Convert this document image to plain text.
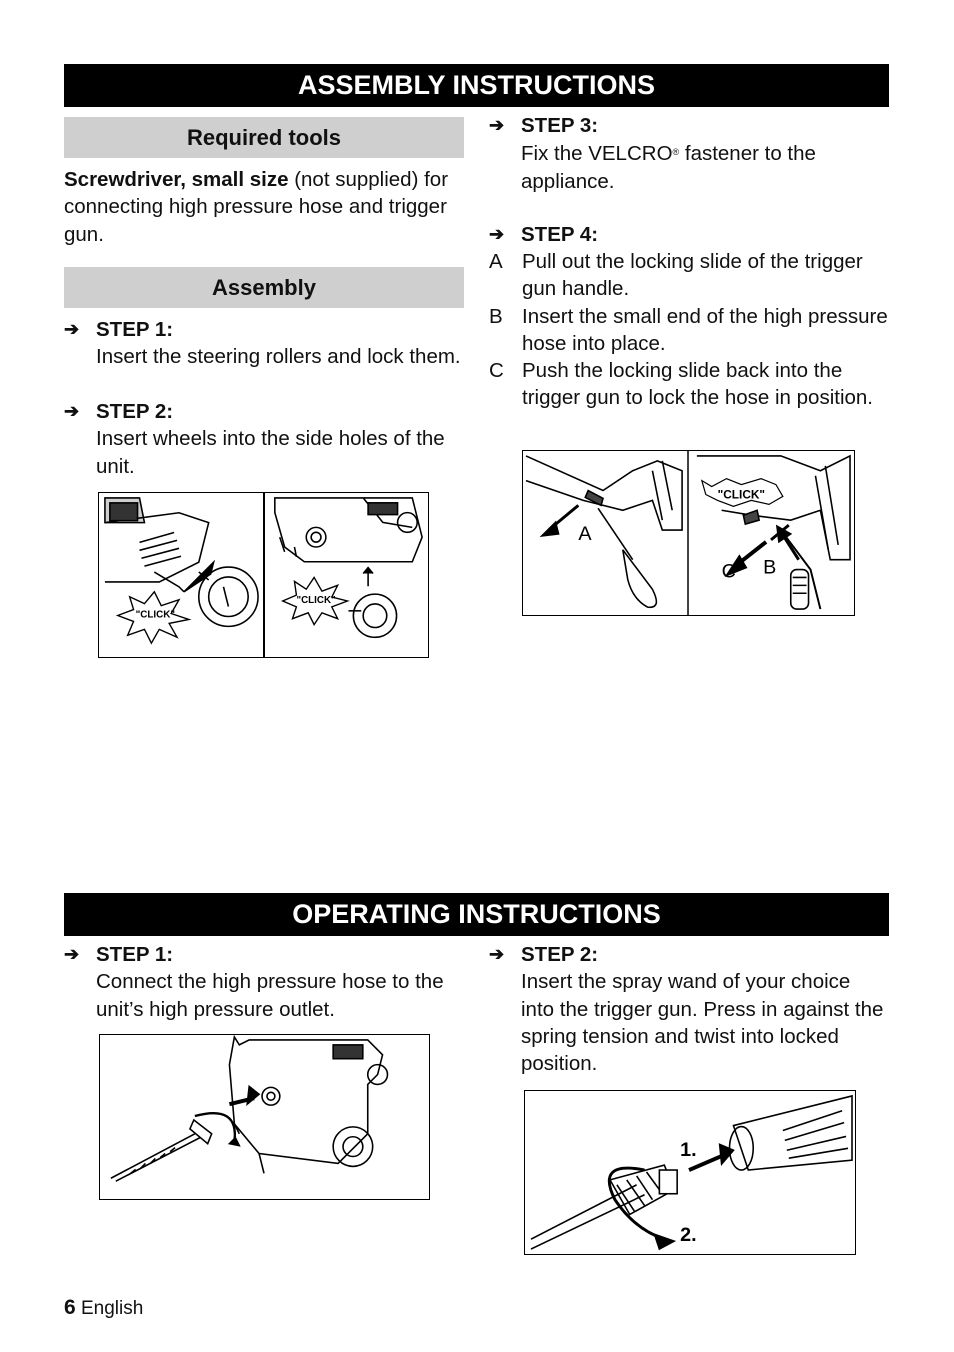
ASSEMBLY INSTRUCTIONS
Required tools
Screwdriver, small size (not supplied) for connecting high pressure hose and trigger gun.
Assembly
➔ STEP 1:
Insert the steering rollers and lock them.
➔ STEP 2:
Insert wheels into the side holes of the unit.
"CLICK"
"CLICK"
➔ STEP 3:
Fix the VELCRO® fastener to the appliance.
➔ STEP 4:
A Pull out the locking slide of the trigger gun handle.
B Insert the small end of the high pressure hose into place.
C Push the locking slide back into the trigger gun to lock the hose in position.
A
"CLICK"
C B
OPERATING INSTRUCTIONS
➔ STEP 1:
Connect the high pressure hose to the unit’s high pressure outlet.
➔ STEP 2:
Insert the spray wand of your choice into the trigger gun. Press in against the spring tension and twist into locked position.
1.
2.
6 English
